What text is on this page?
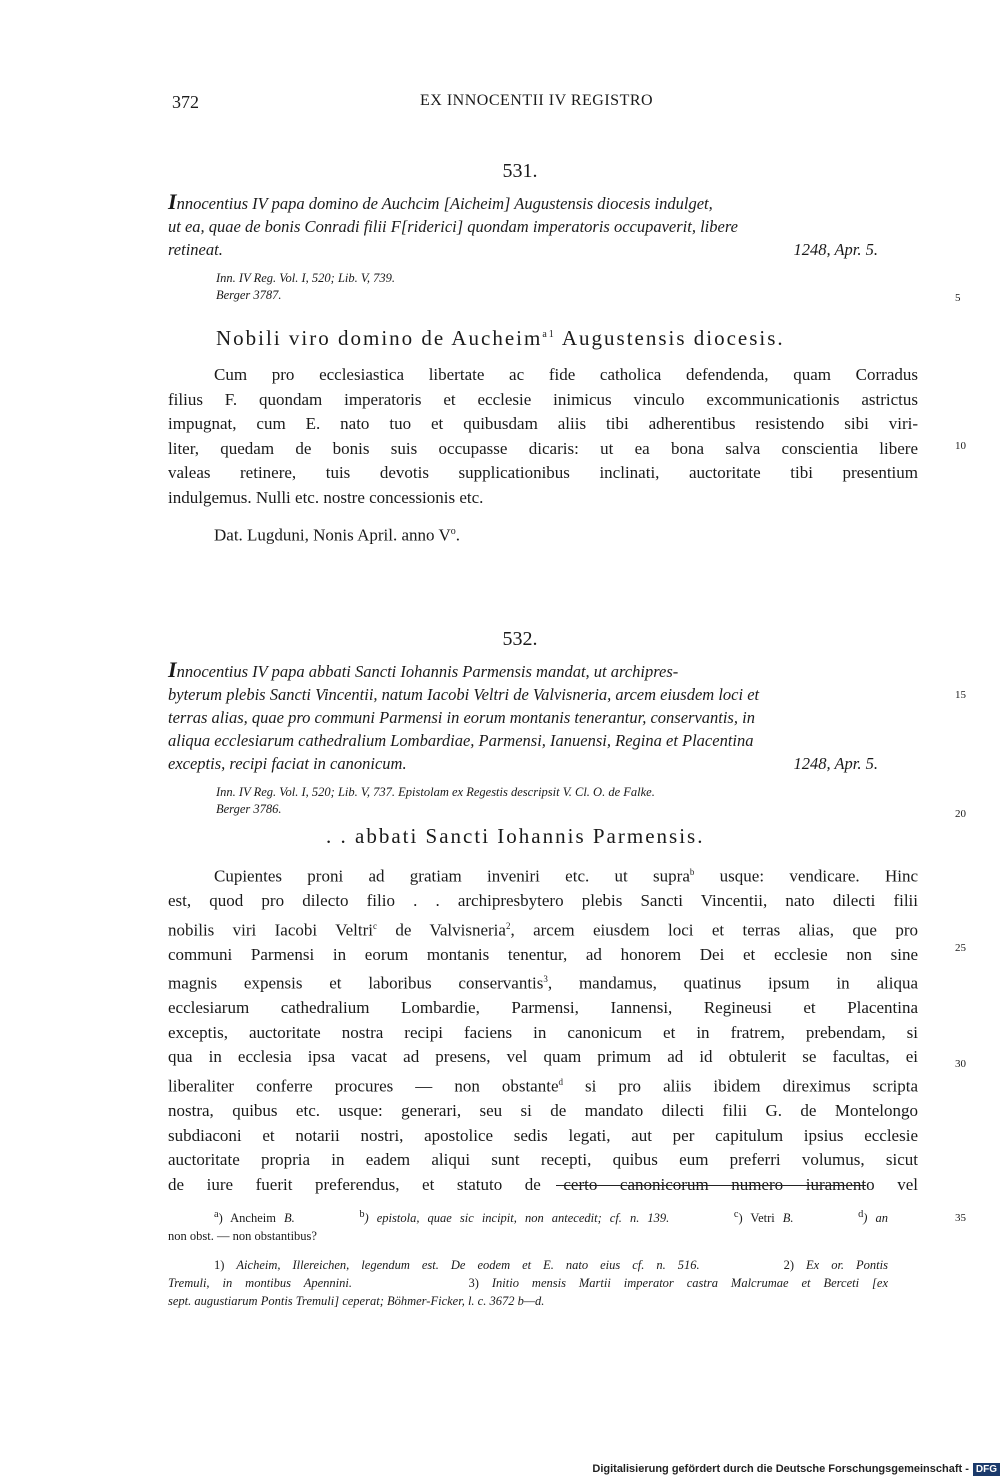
372	EX INNOCENTII IV REGISTRO
531.
Innocentius IV papa domino de Auchcim [Aicheim] Augustensis diocesis indulget,
ut ea, quae de bonis Conradi filii F[riderici] quondam imperatoris occupaverit, libere
retineat.	1248, Apr. 5.
Inn. IV Reg. Vol. I, 520; Lib. V, 739.
Berger 3787.
Nobili viro domino de Aucheim$^{a1}$ Augustensis diocesis.
Cum pro ecclesiastica libertate ac fide catholica defendenda, quam Corradus
filius F. quondam imperatoris et ecclesie inimicus vinculo excommunicationis astrictus
impugnat, cum E. nato tuo et quibusdam aliis tibi adherentibus resistendo sibi viri-
liter, quedam de bonis suis occupasse dicaris: ut ea bona salva conscientia libere
valeas retinere, tuis devotis supplicationibus inclinati, auctoritate tibi presentium
indulgemus. Nulli etc. nostre concessionis etc.
Dat. Lugduni, Nonis April. anno $V^o$.
532.
Innocentius IV papa abbati Sancti Iohannis Parmensis mandat, ut archipres-
byterum plebis Sancti Vincentii, natum Iacobi Veltri de Valvisneria, arcem eiusdem loci et
terras alias, quae pro communi Parmensi in eorum montanis tenerantur, conservantis, in
aliqua ecclesiarum cathedralium Lombardiae, Parmensi, Ianuensi, Regina et Placentina
exceptis, recipi faciat in canonicum.	1248, Apr. 5.
Inn. IV Reg. Vol. I, 520; Lib. V, 737. Epistolam ex Regestis descripsit V. Cl. O. de Falke.
Berger 3786.
. . abbati Sancti Iohannis Parmensis.
Cupientes proni ad gratiam inveniri etc. ut supra$^b$ usque: vendicare. Hinc
est, quod pro dilecto filio . . archipresbytero plebis Sancti Vincentii, nato dilecti filii
nobilis viri Iacobi Veltri$^c$ de Valvisneria$^2$, arcem eiusdem loci et terras alias, que pro
communi Parmensi in eorum montanis tenentur, ad honorem Dei et ecclesie non sine
magnis expensis et laboribus conservantis$^3$, mandamus, quatinus ipsum in aliqua
ecclesiarum cathedralium Lombardie, Parmensi, Iannensi, Regineusi et Placentina
exceptis, auctoritate nostra recipi faciens in canonicum et in fratrem, prebendam, si
qua in ecclesia ipsa vacat ad presens, vel quam primum ad id obtulerit se facultas, ei
liberaliter conferre procures — non obstante$^d$ si pro aliis ibidem direximus scripta
nostra, quibus etc. usque: generari, seu si de mandato dilecti filii G. de Montelongo
subdiaconi et notarii nostri, apostolice sedis legati, aut per capitulum ipsius ecclesie
auctoritate propria in eadem aliqui sunt recepti, quibus eum preferri volumus, sicut
de iure fuerit preferendus, et statuto de certo canonicorum numero iuramento vel
5
10
15
20
25
30
35
$^a$) Ancheim B.	$^b$) epistola, quae sic incipit, non antecedit; cf. n. 139.	$^c$) Vetri B.	$^d$) an
non obst. — non obstantibus?
1) Aicheim, Illereichen, legendum est. De eodem et E. nato eius cf. n. 516.	2) Ex or. Pontis
Tremuli, in montibus Apennini.	3) Initio mensis Martii imperator castra Malcrumae et Berceti [ex
sept. augustiarum Pontis Tremuli] ceperat; Böhmer-Ficker, l. c. 3672 b—d.
Digitalisierung gefördert durch die Deutsche Forschungsgemeinschaft - DFG
